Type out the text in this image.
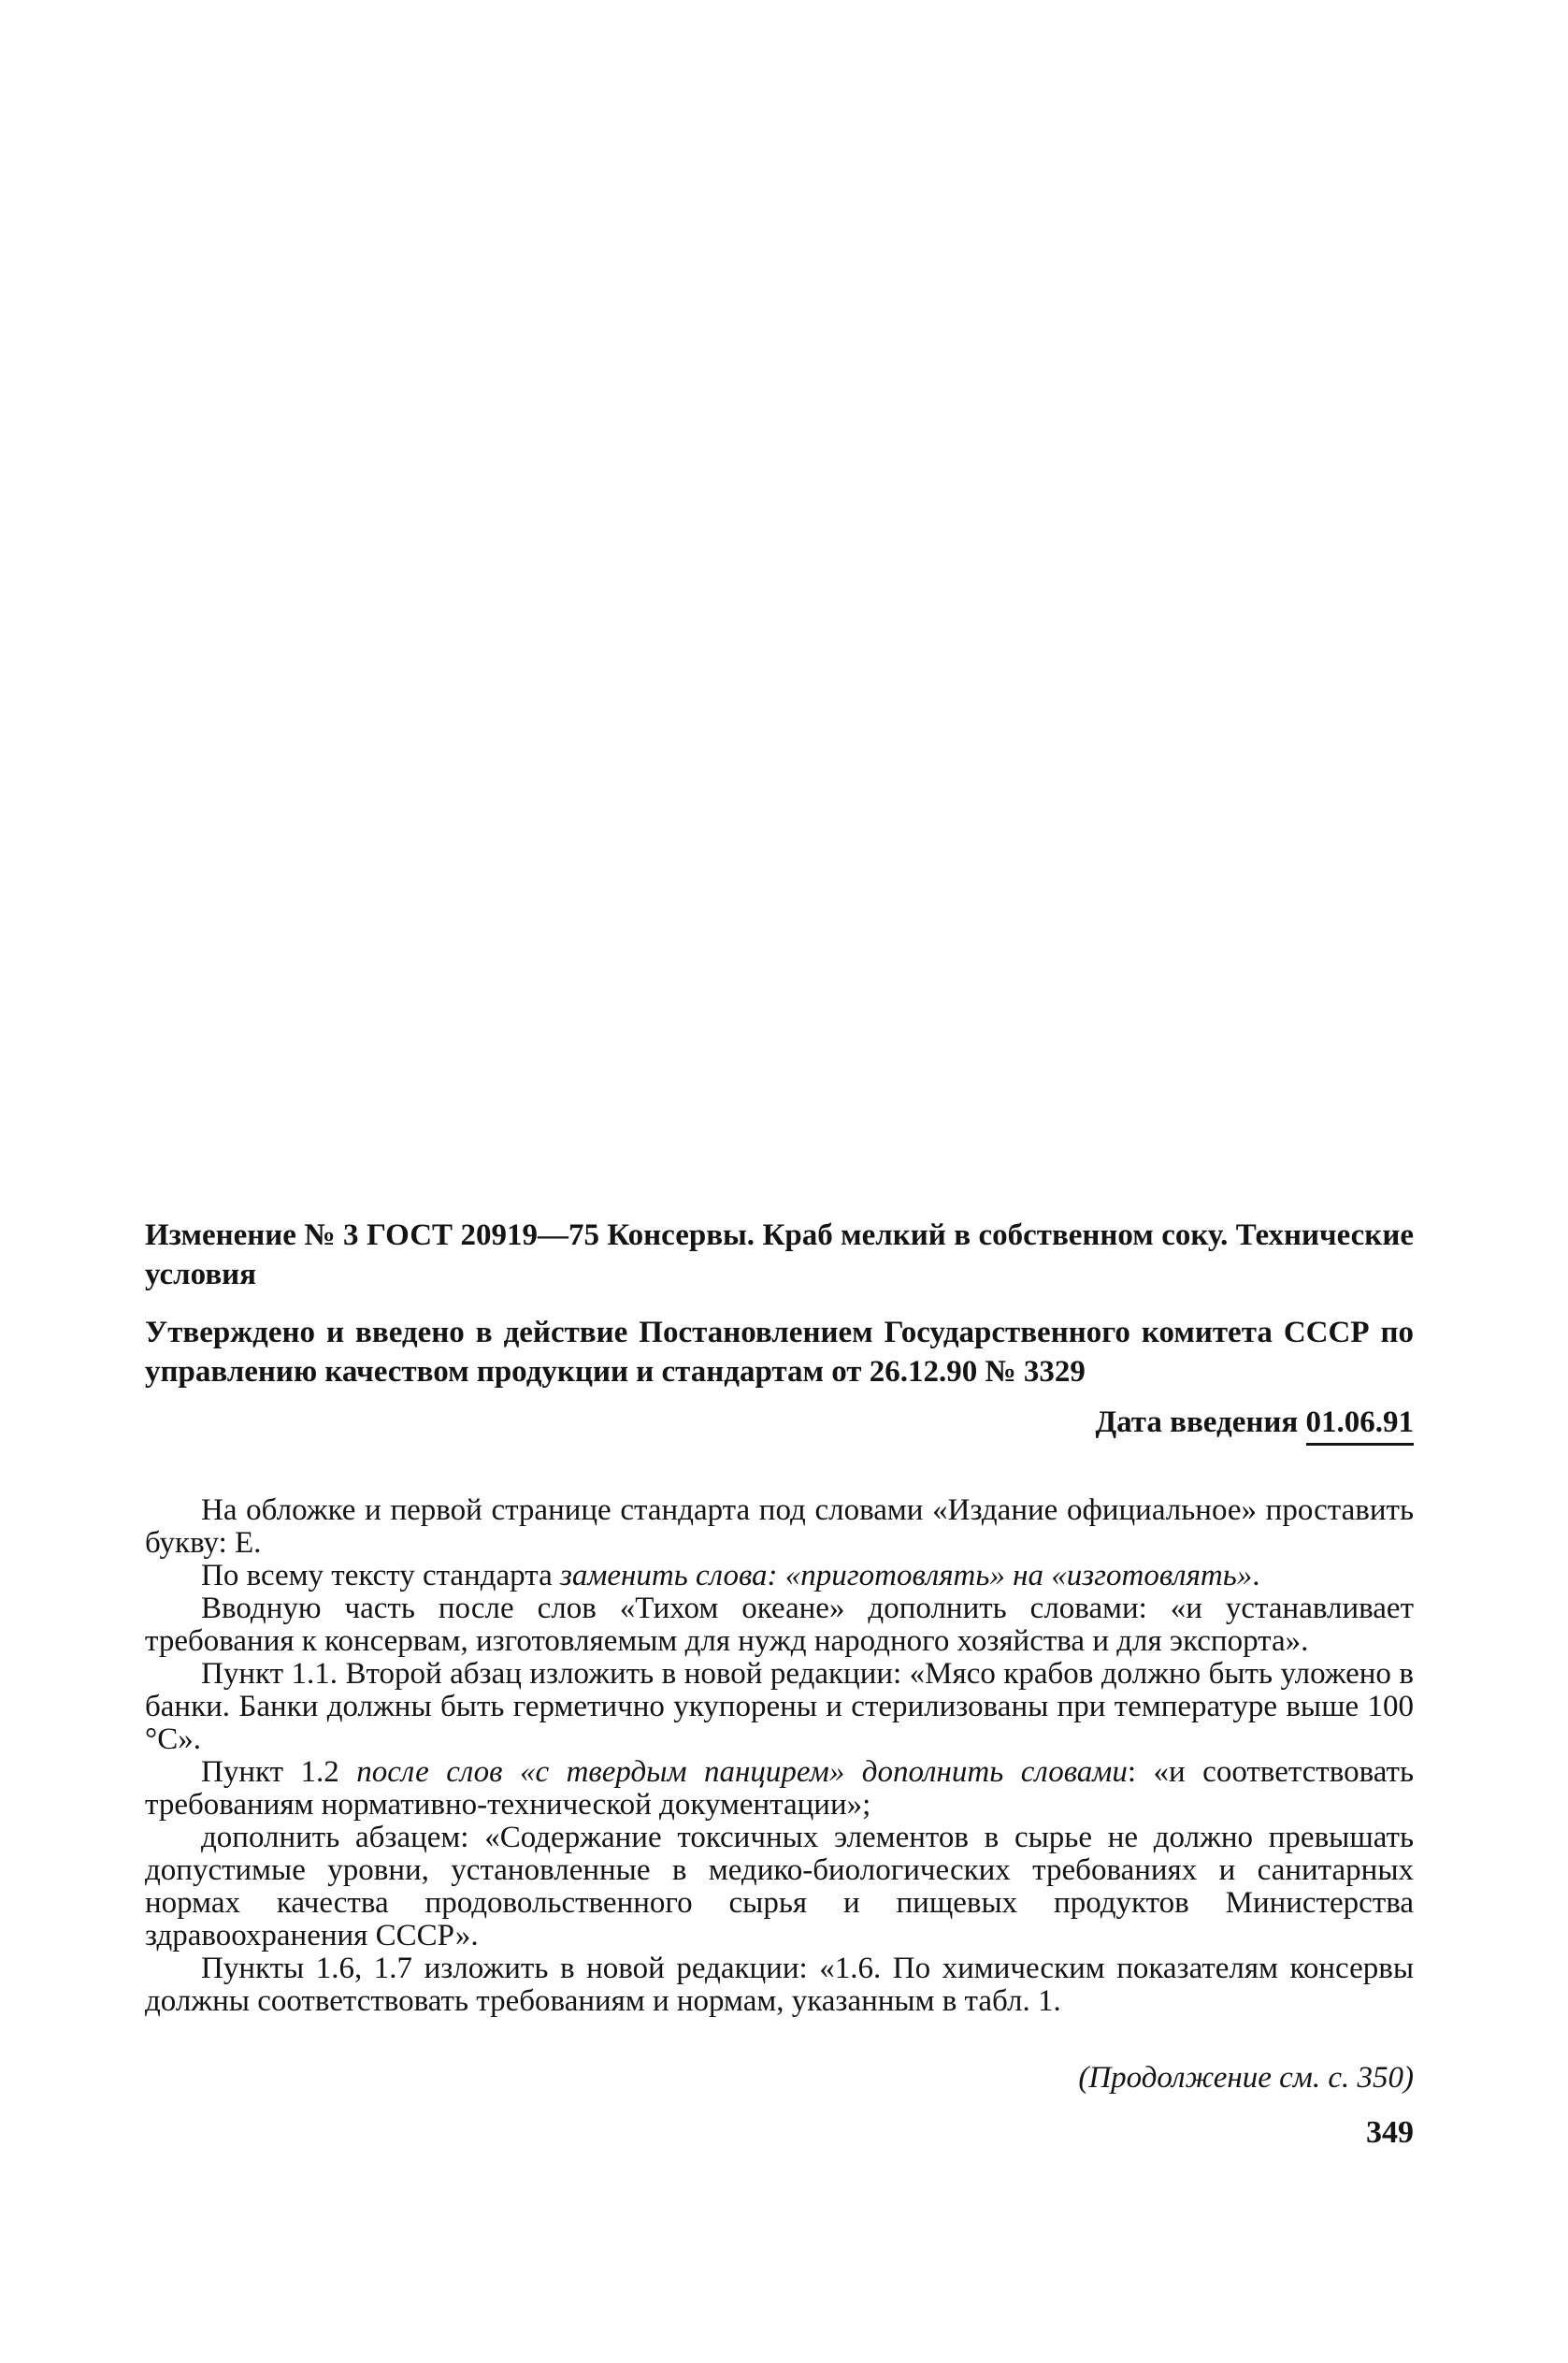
Изменение № 3 ГОСТ 20919—75 Консервы. Краб мелкий в собственном соку. Технические условия

Утверждено и введено в действие Постановлением Государственного комитета СССР по управлению качеством продукции и стандартам от 26.12.90 № 3329

Дата введения 01.06.91

На обложке и первой странице стандарта под словами «Издание официальное» проставить букву: Е.

По всему тексту стандарта заменить слова: «приготовлять» на «изготовлять».

Вводную часть после слов «Тихом океане» дополнить словами: «и устанавливает требования к консервам, изготовляемым для нужд народного хозяйства и для экспорта».

Пункт 1.1. Второй абзац изложить в новой редакции: «Мясо крабов должно быть уложено в банки. Банки должны быть герметично укупорены и стерилизованы при температуре выше 100 °С».

Пункт 1.2 после слов «с твердым панцирем» дополнить словами: «и соответствовать требованиям нормативно-технической документации»;

дополнить абзацем: «Содержание токсичных элементов в сырье не должно превышать допустимые уровни, установленные в медико-биологических требованиях и санитарных нормах качества продовольственного сырья и пищевых продуктов Министерства здравоохранения СССР».

Пункты 1.6, 1.7 изложить в новой редакции: «1.6. По химическим показателям консервы должны соответствовать требованиям и нормам, указанным в табл. 1.

(Продолжение см. с. 350)
349
